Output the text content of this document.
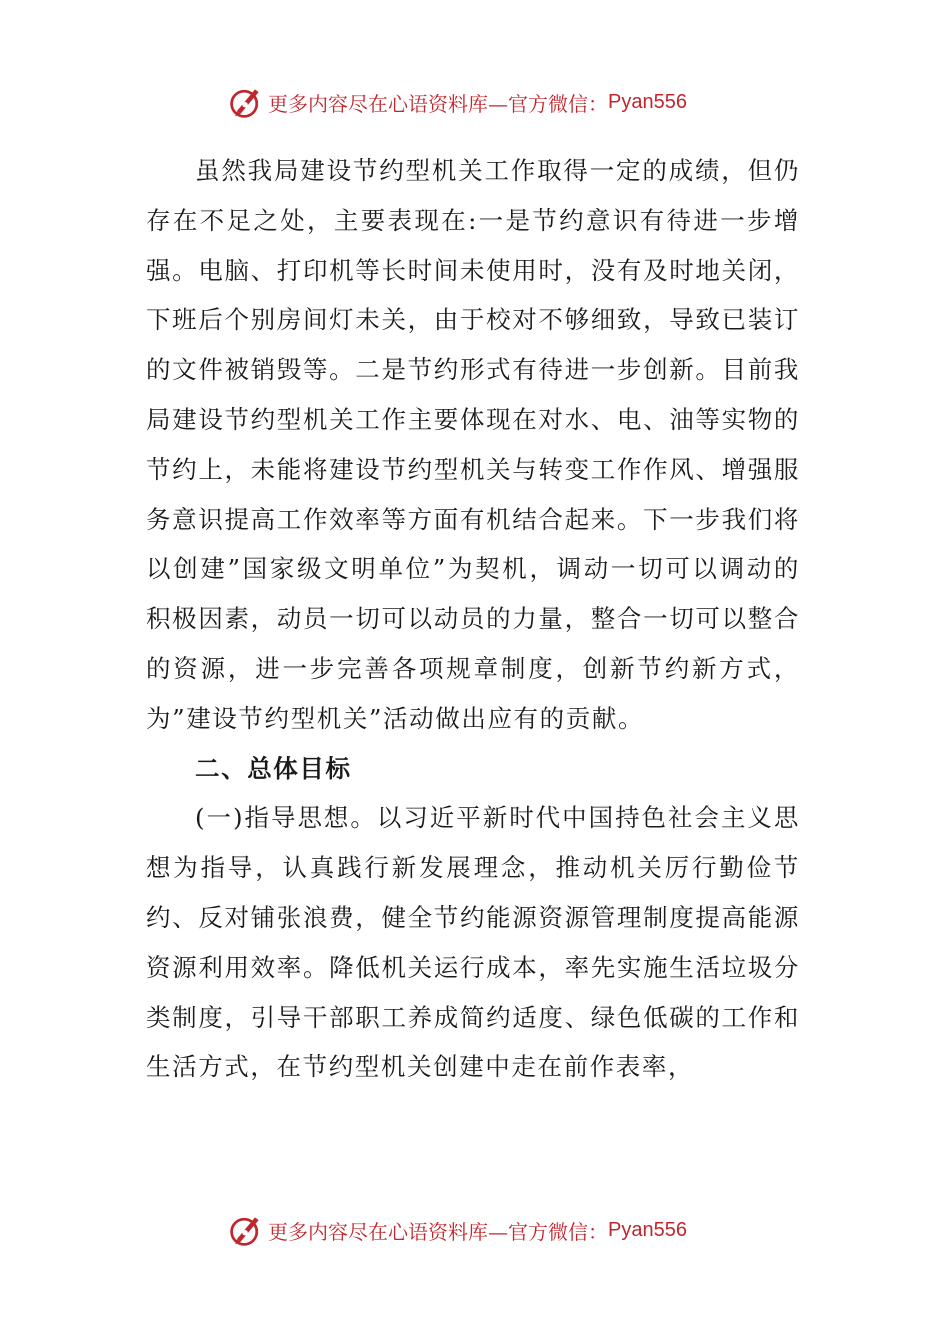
更多内容尽在心语资料库—官方微信： Pyan556

虽然我局建设节约型机关工作取得一定的成绩，但仍存在不足之处，主要表现在:一是节约意识有待进一步增强。电脑、打印机等长时间未使用时，没有及时地关闭，下班后个别房间灯未关，由于校对不够细致，导致已装订的文件被销毁等。二是节约形式有待进一步创新。目前我局建设节约型机关工作主要体现在对水、电、油等实物的节约上，未能将建设节约型机关与转变工作作风、增强服务意识提高工作效率等方面有机结合起来。下一步我们将以创建”国家级文明单位”为契机，调动一切可以调动的积极因素，动员一切可以动员的力量，整合一切可以整合的资源，进一步完善各项规章制度，创新节约新方式，为”建设节约型机关”活动做出应有的贡献。

二、总体目标

(一)指导思想。以习近平新时代中国持色社会主义思想为指导，认真践行新发展理念，推动机关厉行勤俭节约、反对铺张浪费，健全节约能源资源管理制度提高能源资源利用效率。降低机关运行成本，率先实施生活垃圾分类制度，引导干部职工养成简约适度、绿色低碳的工作和生活方式，在节约型机关创建中走在前作表率，

更多内容尽在心语资料库—官方微信： Pyan556
